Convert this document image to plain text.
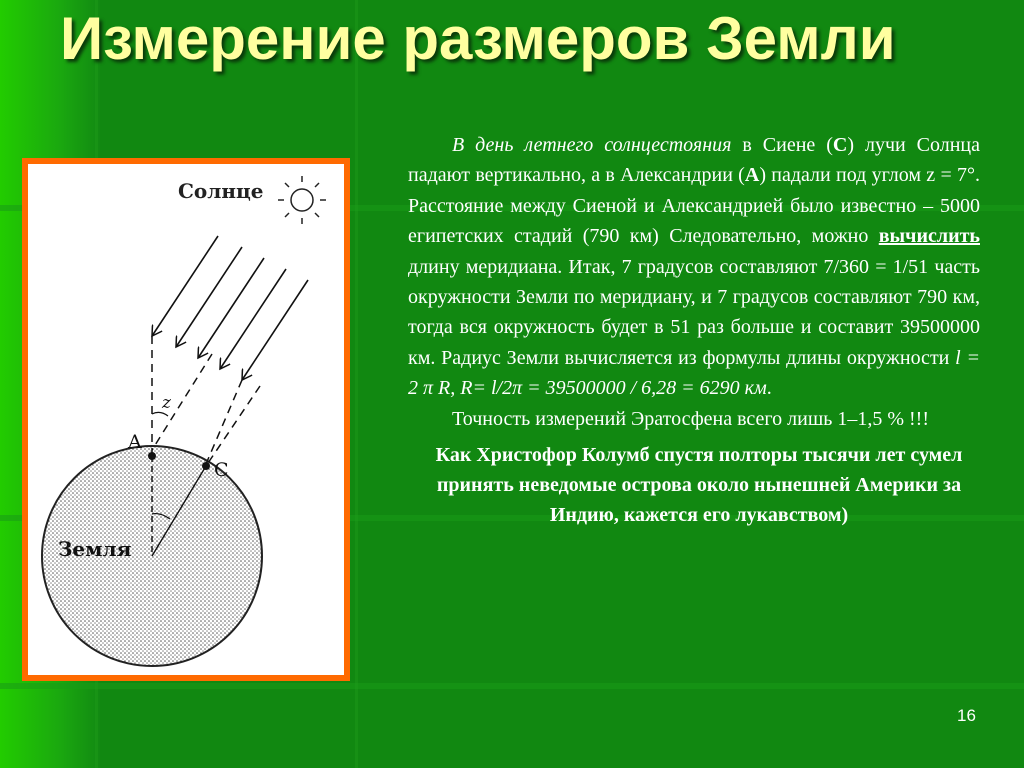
Измерение размеров Земли
Солнце
z
A
C
Земля

В день летнего солнцестояния в Сиене (С) лучи Солнца падают вертикально, а в Александрии (А) падали под углом z = 7°. Расстояние между Сиеной и Александрией было известно – 5000 египетских стадий (790 км) Следовательно, можно вычислить длину меридиана. Итак, 7 градусов составляют 7/360 = 1/51 часть окружности Земли по меридиану, и 7 градусов составляют 790 км, тогда вся окружность будет в 51 раз больше и составит 39500000 км. Радиус Земли вычисляется из формулы длины окружности l = 2 π R, R= l/2π = 39500000 / 6,28 = 6290 км.

Точность измерений Эратосфена всего лишь 1–1,5 % !!!

Как Христофор Колумб спустя полторы тысячи лет сумел принять неведомые острова около нынешней Америки за Индию, кажется его лукавством)

16
